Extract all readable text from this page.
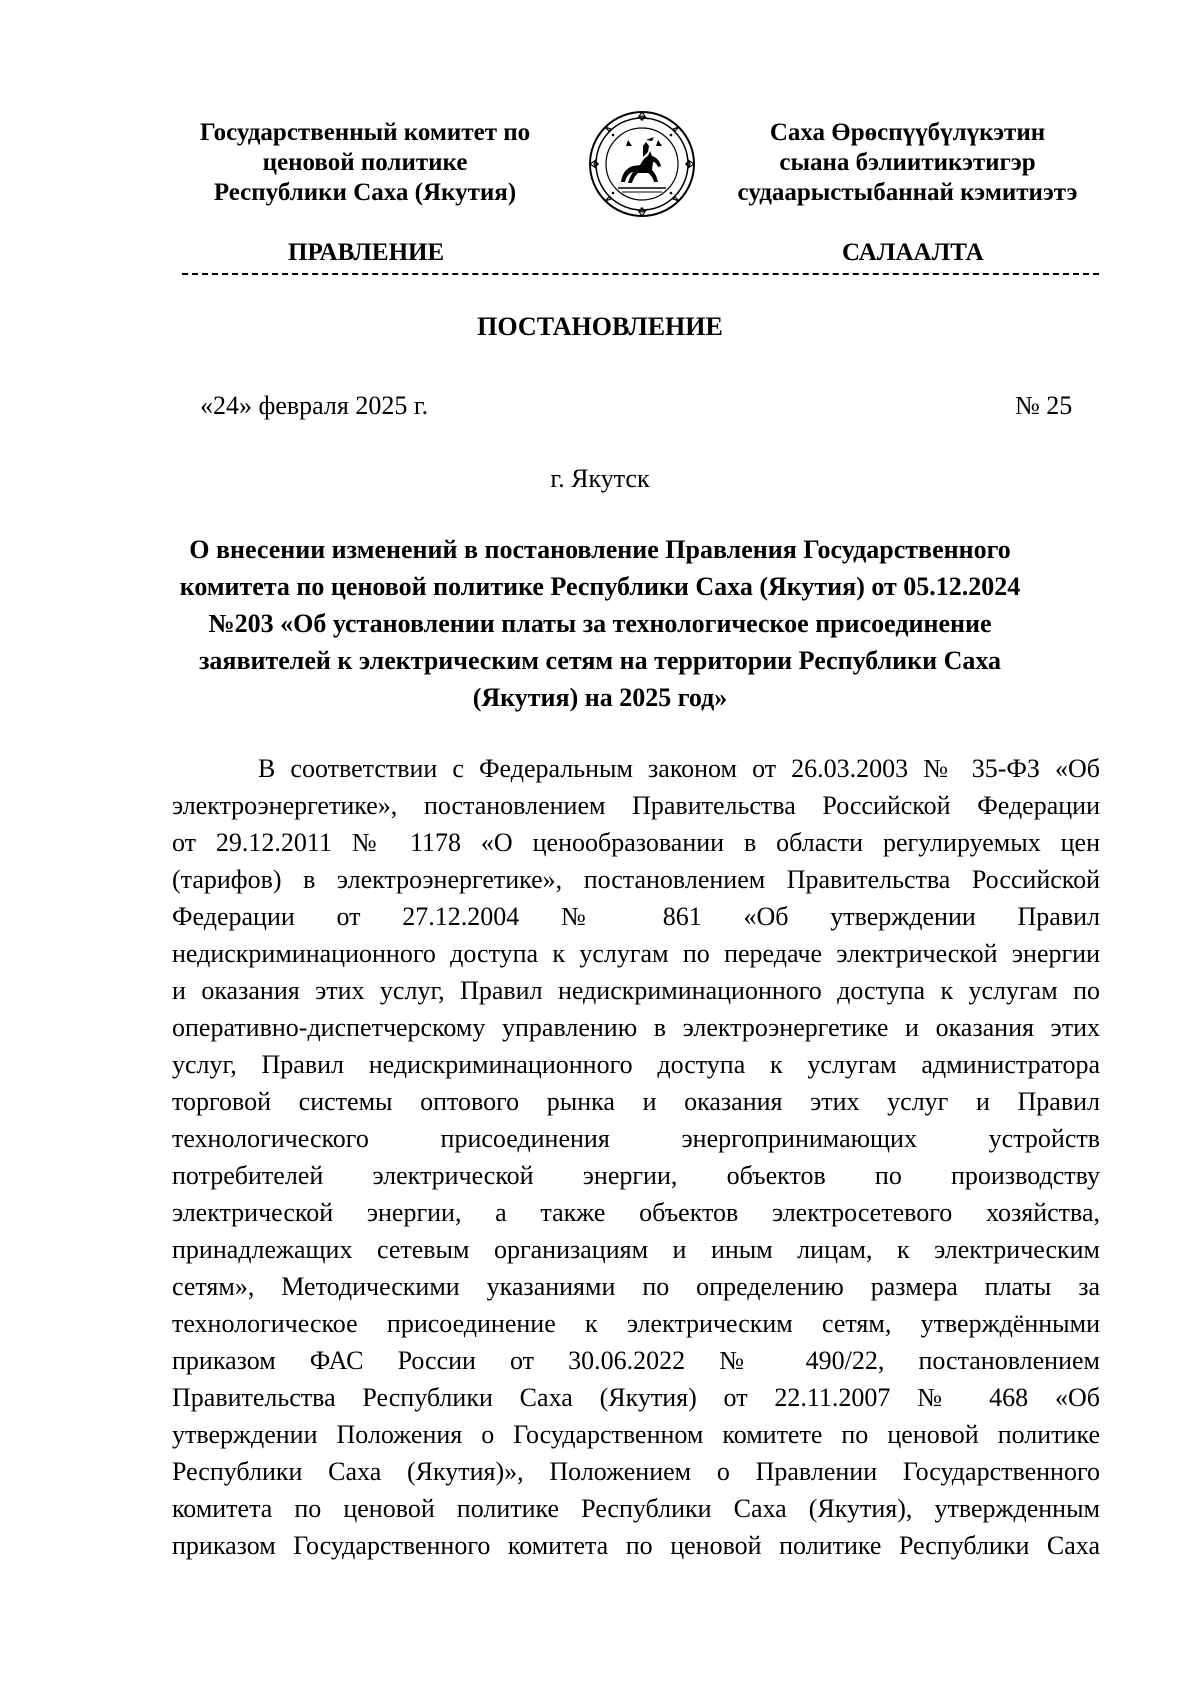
Государственный комитет по
ценовой политике
Республики Саха (Якутия)
Саха Өрөспүүбүлүкэтин
сыана бэлиитикэтигэр
судаарыстыбаннай кэмитиэтэ
ПРАВЛЕНИЕ	САЛААЛТА
ПОСТАНОВЛЕНИЕ
«24» февраля 2025 г.	№ 25
г. Якутск
О внесении изменений в постановление Правления Государственного
комитета по ценовой политике Республики Саха (Якутия) от 05.12.2024
№203 «Об установлении платы за технологическое присоединение
заявителей к электрическим сетям на территории Республики Саха
(Якутия) на 2025 год»
В соответствии с Федеральным законом от 26.03.2003 № 35-ФЗ «Об
электроэнергетике», постановлением Правительства Российской Федерации
от 29.12.2011 № 1178 «О ценообразовании в области регулируемых цен
(тарифов) в электроэнергетике», постановлением Правительства Российской
Федерации от 27.12.2004 № 861 «Об утверждении Правил
недискриминационного доступа к услугам по передаче электрической энергии
и оказания этих услуг, Правил недискриминационного доступа к услугам по
оперативно-диспетчерскому управлению в электроэнергетике и оказания этих
услуг, Правил недискриминационного доступа к услугам администратора
торговой системы оптового рынка и оказания этих услуг и Правил
технологического присоединения энергопринимающих устройств
потребителей электрической энергии, объектов по производству
электрической энергии, а также объектов электросетевого хозяйства,
принадлежащих сетевым организациям и иным лицам, к электрическим
сетям», Методическими указаниями по определению размера платы за
технологическое присоединение к электрическим сетям, утверждёнными
приказом ФАС России от 30.06.2022 № 490/22, постановлением
Правительства Республики Саха (Якутия) от 22.11.2007 № 468 «Об
утверждении Положения о Государственном комитете по ценовой политике
Республики Саха (Якутия)», Положением о Правлении Государственного
комитета по ценовой политике Республики Саха (Якутия), утвержденным
приказом Государственного комитета по ценовой политике Республики Саха
